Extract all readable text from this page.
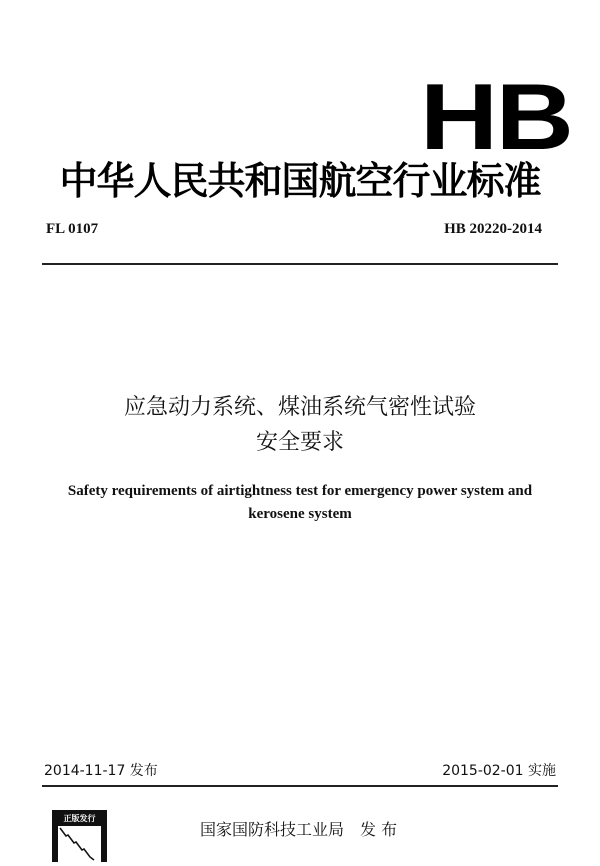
HB
中华人民共和国航空行业标准
FL 0107	HB 20220-2014
应急动力系统、煤油系统气密性试验
安全要求
Safety requirements of airtightness test for emergency power system and kerosene system
2014-11-17 发布	2015-02-01 实施
正版发行
国家国防科技工业局　发 布
